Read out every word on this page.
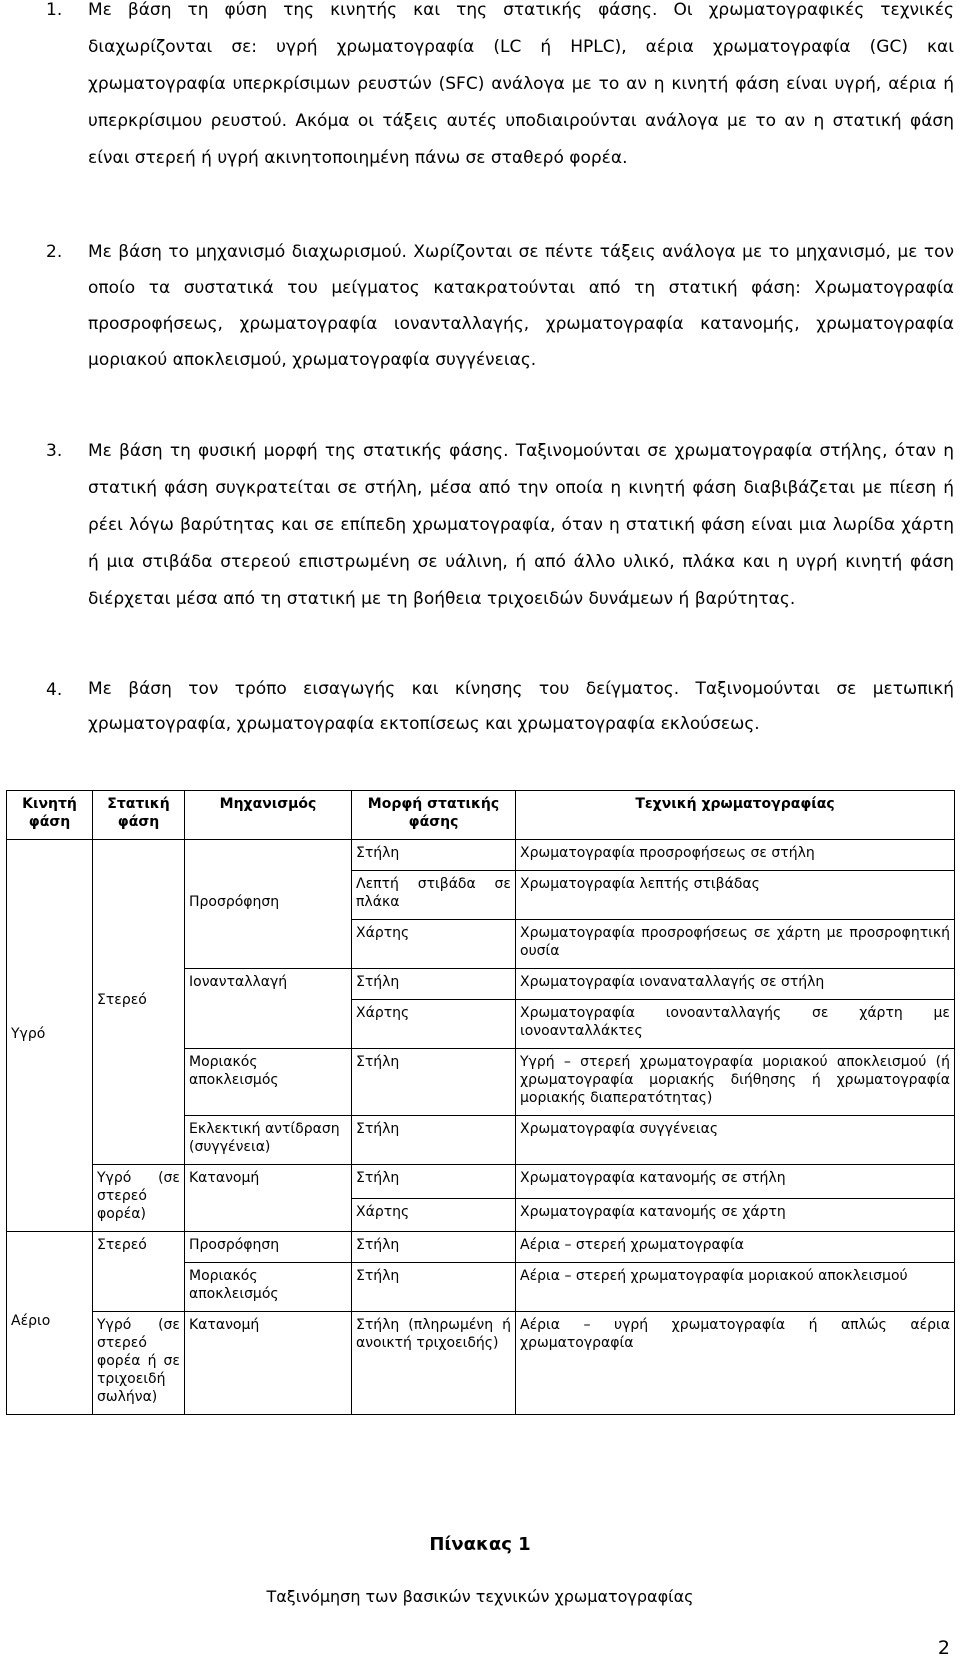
1. Με βάση τη φύση της κινητής και της στατικής φάσης. Οι χρωματογραφικές τεχνικές διαχωρίζονται σε: υγρή χρωματογραφία (LC ή HPLC), αέρια χρωματογραφία (GC) και χρωματογραφία υπερκρίσιμων ρευστών (SFC) ανάλογα με το αν η κινητή φάση είναι υγρή, αέρια ή υπερκρίσιμου ρευστού. Ακόμα οι τάξεις αυτές υποδιαιρούνται ανάλογα με το αν η στατική φάση είναι στερεή ή υγρή ακινητοποιημένη πάνω σε σταθερό φορέα.
2. Με βάση το μηχανισμό διαχωρισμού. Χωρίζονται σε πέντε τάξεις ανάλογα με το μηχανισμό, με τον οποίο τα συστατικά του μείγματος κατακρατούνται από τη στατική φάση: Χρωματογραφία προσροφήσεως, χρωματογραφία ιονανταλλαγής, χρωματογραφία κατανομής, χρωματογραφία μοριακού αποκλεισμού, χρωματογραφία συγγένειας.
3. Με βάση τη φυσική μορφή της στατικής φάσης. Ταξινομούνται σε χρωματογραφία στήλης, όταν η στατική φάση συγκρατείται σε στήλη, μέσα από την οποία η κινητή φάση διαβιβάζεται με πίεση ή ρέει λόγω βαρύτητας και σε επίπεδη χρωματογραφία, όταν η στατική φάση είναι μια λωρίδα χάρτη ή μια στιβάδα στερεού επιστρωμένη σε υάλινη, ή από άλλο υλικό, πλάκα και η υγρή κινητή φάση διέρχεται μέσα από τη στατική με τη βοήθεια τριχοειδών δυνάμεων ή βαρύτητας.
4. Με βάση τον τρόπο εισαγωγής και κίνησης του δείγματος. Ταξινομούνται σε μετωπική χρωματογραφία, χρωματογραφία εκτοπίσεως και χρωματογραφία εκλούσεως.
Κινητή φάση	Στατική φάση	Μηχανισμός	Μορφή στατικής φάσης	Τεχνική χρωματογραφίας
Υγρό	Στερεό	Προσρόφηση	Στήλη	Χρωματογραφία προσροφήσεως σε στήλη
			Λεπτή στιβάδα σε πλάκα	Χρωματογραφία λεπτής στιβάδας
			Χάρτης	Χρωματογραφία προσροφήσεως σε χάρτη με προσροφητική ουσία
		Ιονανταλλαγή	Στήλη	Χρωματογραφία ιοναναταλλαγής σε στήλη
			Χάρτης	Χρωματογραφία ιονοανταλλαγής σε χάρτη με ιονοανταλλάκτες
		Μοριακός αποκλεισμός	Στήλη	Υγρή – στερεή χρωματογραφία μοριακού αποκλεισμού (ή χρωματογραφία μοριακής διήθησης ή χρωματογραφία μοριακής διαπερατότητας)
		Εκλεκτική αντίδραση (συγγένεια)	Στήλη	Χρωματογραφία συγγένειας
	Υγρό (σε στερεό φορέα)	Κατανομή	Στήλη	Χρωματογραφία κατανομής σε στήλη
			Χάρτης	Χρωματογραφία κατανομής σε χάρτη
Αέριο	Στερεό	Προσρόφηση	Στήλη	Αέρια – στερεή χρωματογραφία
		Μοριακός αποκλεισμός	Στήλη	Αέρια – στερεή χρωματογραφία μοριακού αποκλεισμού
	Υγρό (σε στερεό φορέα ή σε τριχοειδή σωλήνα)	Κατανομή	Στήλη (πληρωμένη ή ανοικτή τριχοειδής)	Αέρια – υγρή χρωματογραφία ή απλώς αέρια χρωματογραφία
Πίνακας 1
Ταξινόμηση των βασικών τεχνικών χρωματογραφίας
2
